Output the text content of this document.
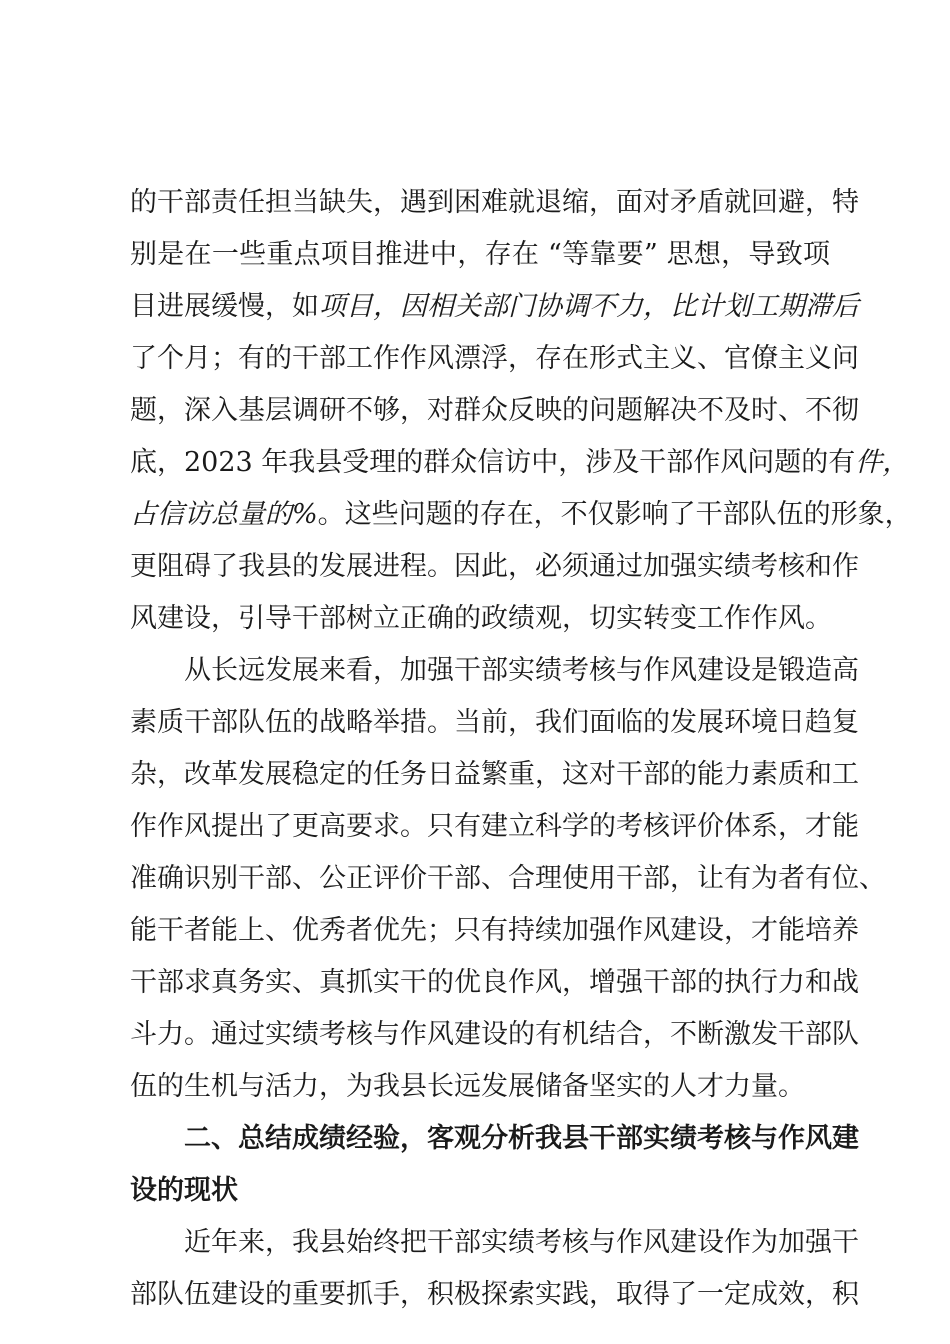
的干部责任担当缺失，遇到困难就退缩，面对矛盾就回避，特
别是在一些重点项目推进中，存在 “等靠要” 思想，导致项
目进展缓慢，如项目，因相关部门协调不力，比计划工期滞后
了个月；有的干部工作作风漂浮，存在形式主义、官僚主义问
题，深入基层调研不够，对群众反映的问题解决不及时、不彻
底，2023 年我县受理的群众信访中，涉及干部作风问题的有件，
占信访总量的%。这些问题的存在，不仅影响了干部队伍的形象，
更阻碍了我县的发展进程。因此，必须通过加强实绩考核和作
风建设，引导干部树立正确的政绩观，切实转变工作作风。
从长远发展来看，加强干部实绩考核与作风建设是锻造高
素质干部队伍的战略举措。当前，我们面临的发展环境日趋复
杂，改革发展稳定的任务日益繁重，这对干部的能力素质和工
作作风提出了更高要求。只有建立科学的考核评价体系，才能
准确识别干部、公正评价干部、合理使用干部，让有为者有位、
能干者能上、优秀者优先；只有持续加强作风建设，才能培养
干部求真务实、真抓实干的优良作风，增强干部的执行力和战
斗力。通过实绩考核与作风建设的有机结合，不断激发干部队
伍的生机与活力，为我县长远发展储备坚实的人才力量。
二、总结成绩经验，客观分析我县干部实绩考核与作风建
设的现状
近年来，我县始终把干部实绩考核与作风建设作为加强干
部队伍建设的重要抓手，积极探索实践，取得了一定成效，积
